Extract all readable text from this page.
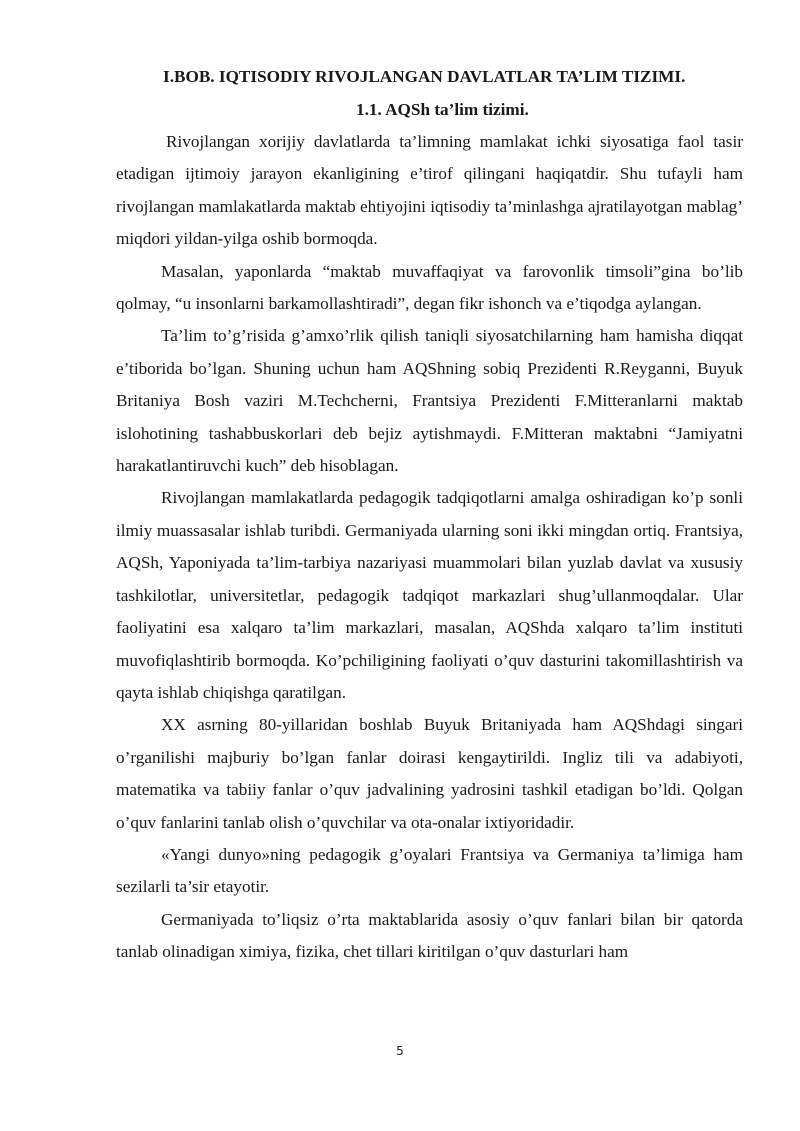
I.BOB. IQTISODIY RIVOJLANGAN DAVLATLAR TA’LIM TIZIMI.
1.1. AQSh ta’lim tizimi.

Rivojlangan xorijiy davlatlarda ta’limning mamlakat ichki siyosatiga faol tasir etadigan ijtimoiy jarayon ekanligining e’tirof qilingani haqiqatdir. Shu tufayli ham rivojlangan mamlakatlarda maktab ehtiyojini iqtisodiy ta’minlashga ajratilayotgan mablag’ miqdori yildan-yilga oshib bormoqda.

Masalan, yaponlarda “maktab muvaffaqiyat va farovonlik timsoli”gina bo’lib qolmay, “u insonlarni barkamollashtiradi”, degan fikr ishonch va e’tiqodga aylangan.

Ta’lim to’g’risida g’amxo’rlik qilish taniqli siyosatchilarning ham hamisha diqqat e’tiborida bo’lgan. Shuning uchun ham AQShning sobiq Prezidenti R.Reyganni, Buyuk Britaniya Bosh vaziri M.Techcherni, Frantsiya Prezidenti F.Mitteranlarni maktab islohotining tashabbuskorlari deb bejiz aytishmaydi. F.Mitteran maktabni “Jamiyatni harakatlantiruvchi kuch” deb hisoblagan.

Rivojlangan mamlakatlarda pedagogik tadqiqotlarni amalga oshiradigan ko’p sonli ilmiy muassasalar ishlab turibdi. Germaniyada ularning soni ikki mingdan ortiq. Frantsiya, AQSh, Yaponiyada ta’lim-tarbiya nazariyasi muammolari bilan yuzlab davlat va xususiy tashkilotlar, universitetlar, pedagogik tadqiqot markazlari shug’ullanmoqdalar. Ular faoliyatini esa xalqaro ta’lim markazlari, masalan, AQShda xalqaro ta’lim instituti muvofiqlashtirib bormoqda. Ko’pchiligining faoliyati o’quv dasturini takomillashtirish va qayta ishlab chiqishga qaratilgan.

XX asrning 80-yillaridan boshlab Buyuk Britaniyada ham AQShdagi singari o’rganilishi majburiy bo’lgan fanlar doirasi kengaytirildi. Ingliz tili va adabiyoti, matematika va tabiiy fanlar o’quv jadvalining yadrosini tashkil etadigan bo’ldi. Qolgan o’quv fanlarini tanlab olish o’quvchilar va ota-onalar ixtiyoridadir.

«Yangi dunyo»ning pedagogik g’oyalari Frantsiya va Germaniya ta’limiga ham sezilarli ta’sir etayotir.

Germaniyada to’liqsiz o’rta maktablarida asosiy o’quv fanlari bilan bir qatorda tanlab olinadigan ximiya, fizika, chet tillari kiritilgan o’quv dasturlari ham

5
